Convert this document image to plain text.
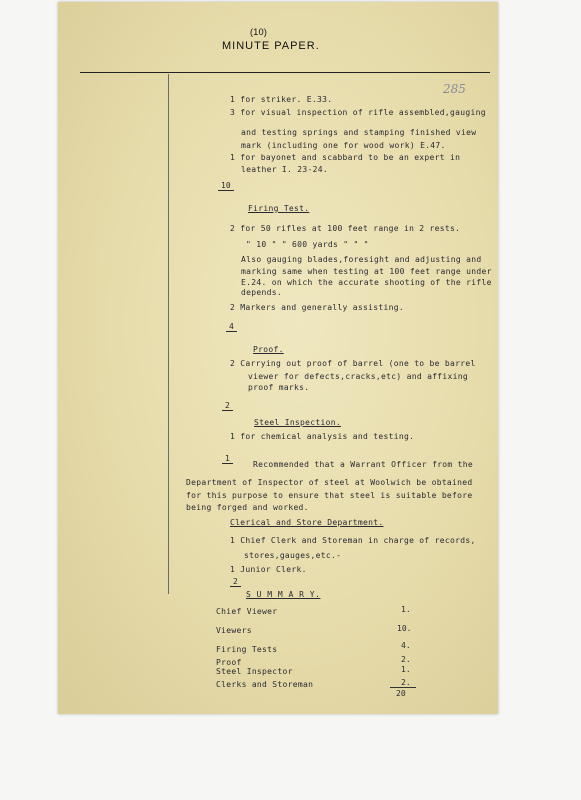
(10)
MINUTE PAPER.
285
1 for striker. E.33.
3 for visual inspection of rifle assembled,gauging
and testing springs and stamping finished view
mark (including one for wood work) E.47.
1 for bayonet and scabbard to be an expert in
leather I. 23-24.
10
Firing Test.
2 for 50 rifles at 100 feet range in 2 rests.
" 10 " " 600 yards " " "
Also gauging blades,foresight and adjusting and
marking same when testing at 100 feet range under
E.24. on which the accurate shooting of the rifle
depends.
2 Markers and generally assisting.
4
Proof.
2 Carrying out proof of barrel (one to be barrel
viewer for defects,cracks,etc) and affixing
proof marks.
2
Steel Inspection.
1 for chemical analysis and testing.
1
Recommended that a Warrant Officer from the
Department of Inspector of steel at Woolwich be obtained
for this purpose to ensure that steel is suitable before
being forged and worked.
Clerical and Store Department.
1 Chief Clerk and Storeman in charge of records,
stores,gauges,etc.-
1 Junior Clerk.
2
S U M M A R Y.
Chief Viewer	1.
Viewers	10.
Firing Tests	4.
Proof	2.
Steel Inspector	1.
Clerks and Storeman	2.
20
